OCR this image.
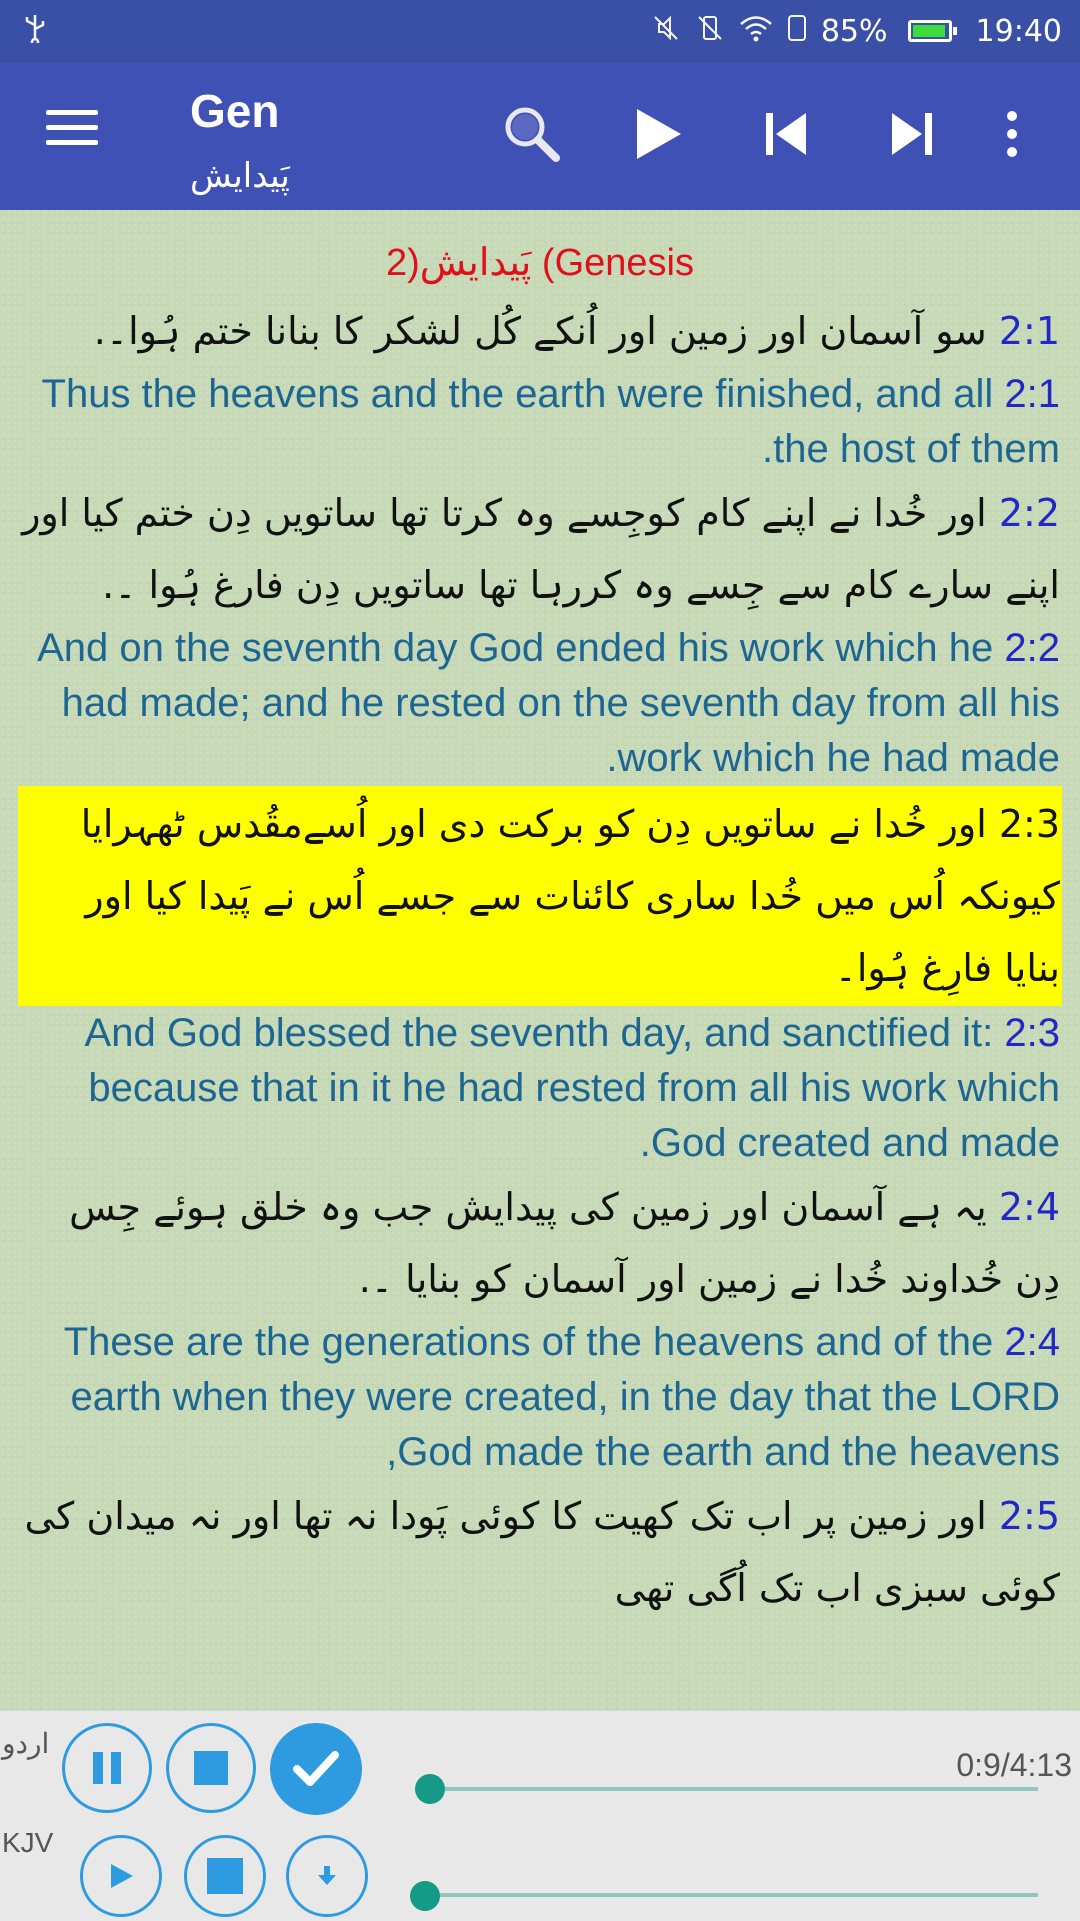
85%	19:40
Gen
پَیدایش
پَیدایش(2 (Genesis
2:1 سو آسمان اور زمین اور اُنکے کُل لشکر کا بنانا ختم ہُوا۔.
2:1 Thus the heavens and the earth were finished, and all the host of them.
2:2 اور خُدا نے اپنے کام کوجِسے وہ کرتا تھا ساتویں دِن ختم کیا اور اپنے سارے کام سے جِسے وہ کررہا تھا ساتویں دِن فارغ ہُوا ۔.
2:2 And on the seventh day God ended his work which he had made; and he rested on the seventh day from all his work which he had made.
2:3 اور خُدا نے ساتویں دِن کو برکت دی اور اُسےمقُدس ٹھہرایا کیونکہ اُس میں خُدا ساری کائنات سے جسے اُس نے پَیدا کیا اور بنایا فارِغ ہُوا۔
2:3 And God blessed the seventh day, and sanctified it: because that in it he had rested from all his work which God created and made.
2:4 یہ ہے آسمان اور زمین کی پیدایش جب وہ خلق ہوئے جِس دِن خُداوند خُدا نے زمین اور آسمان کو بنایا ۔.
2:4 These are the generations of the heavens and of the earth when they were created, in the day that the LORD God made the earth and the heavens,
2:5 اور زمین پر اب تک کھیت کا کوئی پَودا نہ تھا اور نہ میدان کی کوئی سبزی اب تک اُگی تھی
اردو
KJV
0:9/4:13
